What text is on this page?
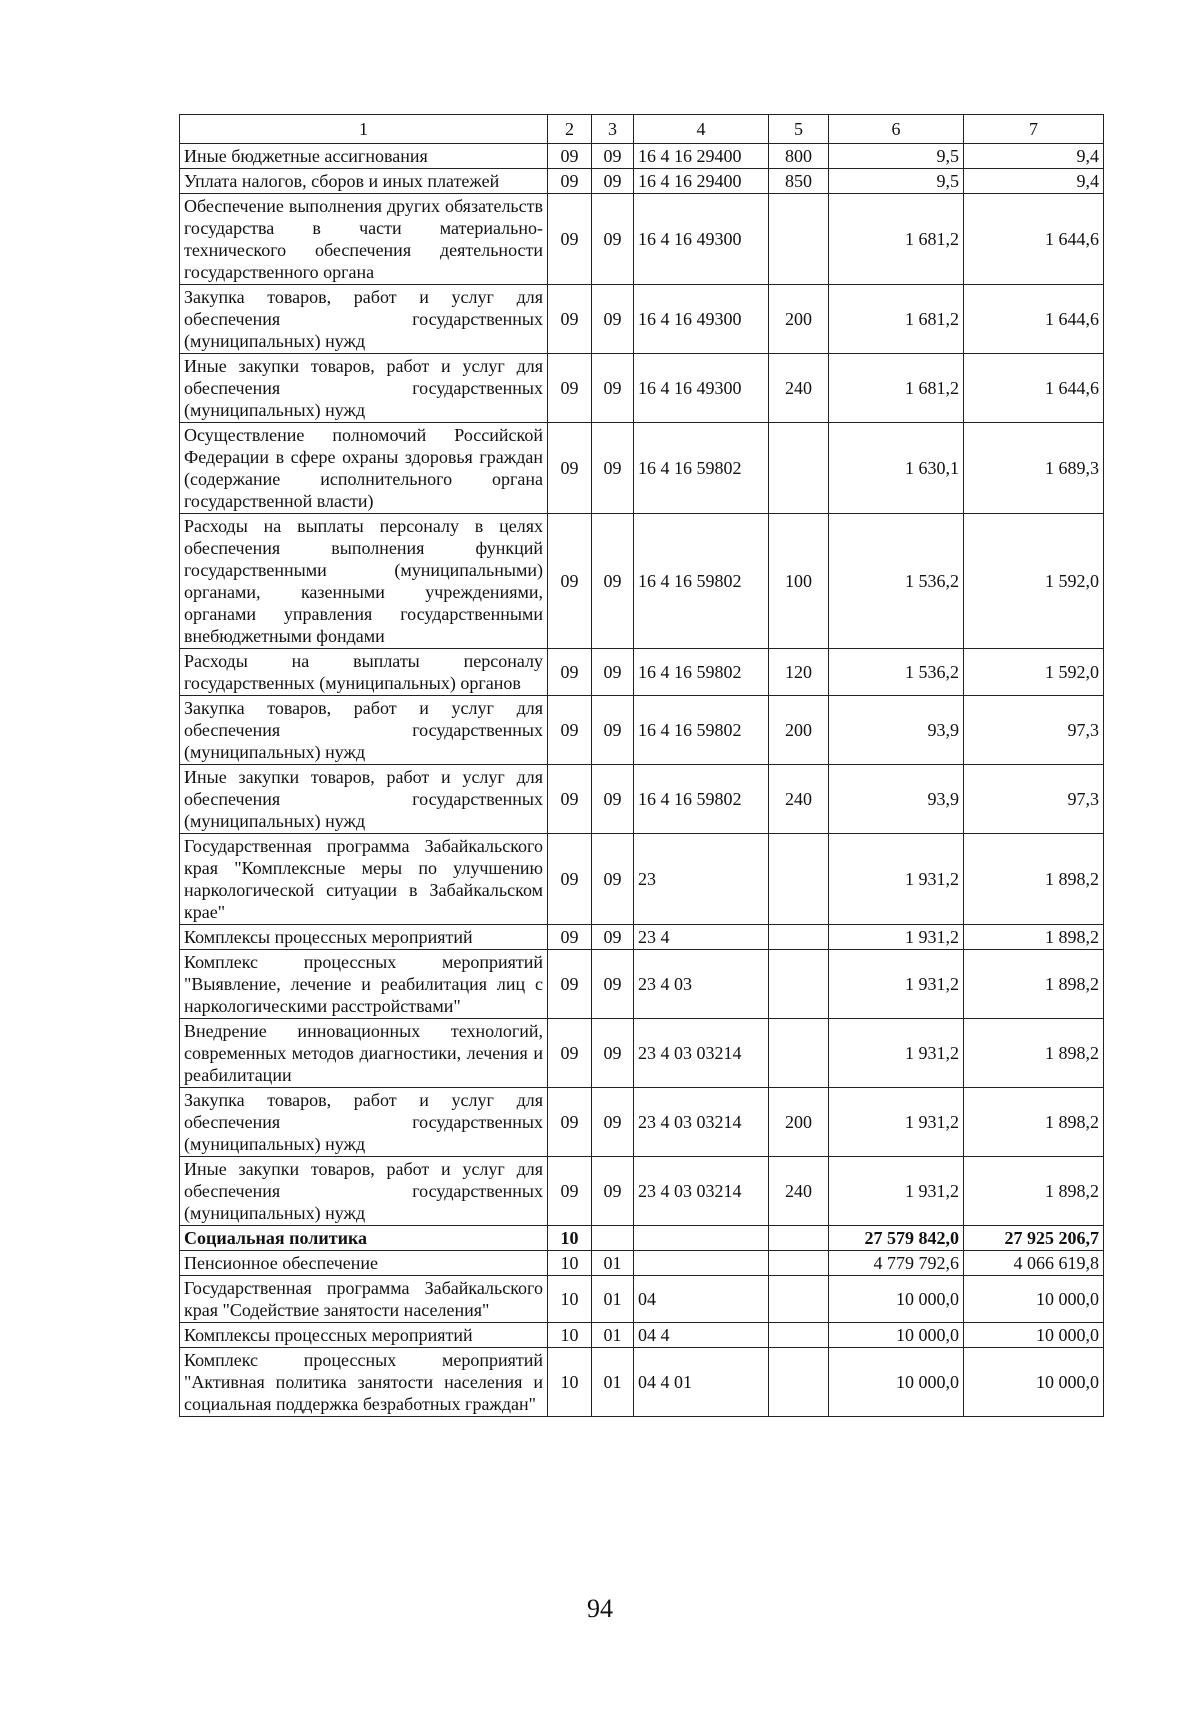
1	2	3	4	5	6	7
Иные бюджетные ассигнования	09	09	16 4 16 29400	800	9,5	9,4
Уплата налогов, сборов и иных платежей	09	09	16 4 16 29400	850	9,5	9,4
Обеспечение выполнения других обязательств государства в части материально-технического обеспечения деятельности государственного органа	09	09	16 4 16 49300		1 681,2	1 644,6
Закупка товаров, работ и услуг для обеспечения государственных (муниципальных) нужд	09	09	16 4 16 49300	200	1 681,2	1 644,6
Иные закупки товаров, работ и услуг для обеспечения государственных (муниципальных) нужд	09	09	16 4 16 49300	240	1 681,2	1 644,6
Осуществление полномочий Российской Федерации в сфере охраны здоровья граждан (содержание исполнительного органа государственной власти)	09	09	16 4 16 59802		1 630,1	1 689,3
Расходы на выплаты персоналу в целях обеспечения выполнения функций государственными (муниципальными) органами, казенными учреждениями, органами управления государственными внебюджетными фондами	09	09	16 4 16 59802	100	1 536,2	1 592,0
Расходы на выплаты персоналу государственных (муниципальных) органов	09	09	16 4 16 59802	120	1 536,2	1 592,0
Закупка товаров, работ и услуг для обеспечения государственных (муниципальных) нужд	09	09	16 4 16 59802	200	93,9	97,3
Иные закупки товаров, работ и услуг для обеспечения государственных (муниципальных) нужд	09	09	16 4 16 59802	240	93,9	97,3
Государственная программа Забайкальского края "Комплексные меры по улучшению наркологической ситуации в Забайкальском крае"	09	09	23		1 931,2	1 898,2
Комплексы процессных мероприятий	09	09	23 4		1 931,2	1 898,2
Комплекс процессных мероприятий "Выявление, лечение и реабилитация лиц с наркологическими расстройствами"	09	09	23 4 03		1 931,2	1 898,2
Внедрение инновационных технологий, современных методов диагностики, лечения и реабилитации	09	09	23 4 03 03214		1 931,2	1 898,2
Закупка товаров, работ и услуг для обеспечения государственных (муниципальных) нужд	09	09	23 4 03 03214	200	1 931,2	1 898,2
Иные закупки товаров, работ и услуг для обеспечения государственных (муниципальных) нужд	09	09	23 4 03 03214	240	1 931,2	1 898,2
Социальная политика	10				27 579 842,0	27 925 206,7
Пенсионное обеспечение	10	01			4 779 792,6	4 066 619,8
Государственная программа Забайкальского края "Содействие занятости населения"	10	01	04		10 000,0	10 000,0
Комплексы процессных мероприятий	10	01	04 4		10 000,0	10 000,0
Комплекс процессных мероприятий "Активная политика занятости населения и социальная поддержка безработных граждан"	10	01	04 4 01		10 000,0	10 000,0
94
